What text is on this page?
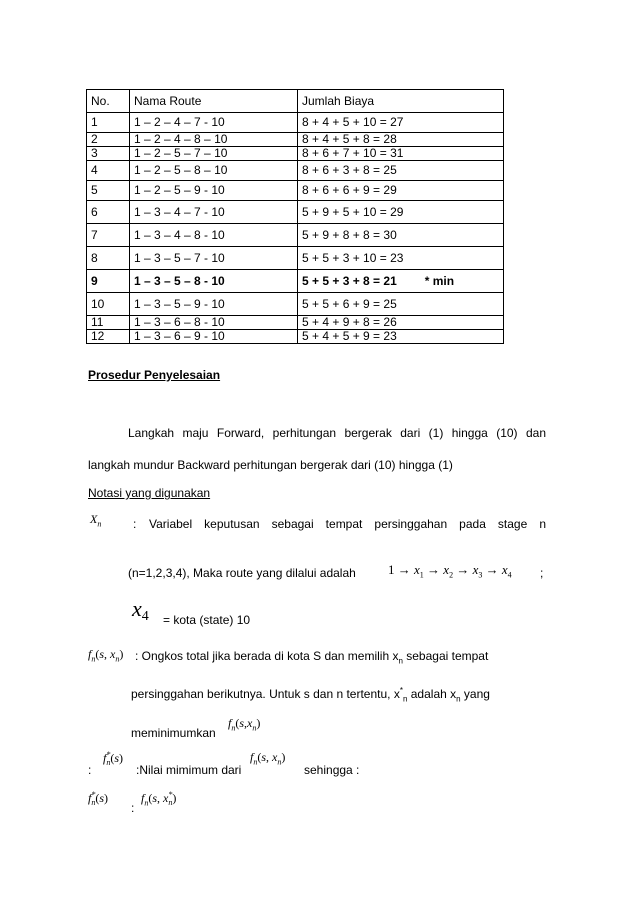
No.	Nama Route	Jumlah Biaya
1	1 – 2 – 4 – 7 - 10	8 + 4 + 5 + 10 = 27
2	1 – 2 – 4 – 8 – 10	8 + 4 + 5 + 8 = 28
3	1 – 2 – 5 – 7 – 10	8 + 6 + 7 + 10 = 31
4	1 – 2 – 5 – 8 – 10	8 + 6 + 3 + 8 = 25
5	1 – 2 – 5 – 9 - 10	8 + 6 + 6 + 9 = 29
6	1 – 3 – 4 – 7 - 10	5 + 9 + 5 + 10 = 29
7	1 – 3 – 4 – 8 - 10	5 + 9 + 8 + 8 = 30
8	1 – 3 – 5 – 7 - 10	5 + 5 + 3 + 10 = 23
9	1 – 3 – 5 – 8 - 10	5 + 5 + 3 + 8 = 21 * min
10	1 – 3 – 5 – 9 - 10	5 + 5 + 6 + 9 = 25
11	1 – 3 – 6 – 8 - 10	5 + 4 + 9 + 8 = 26
12	1 – 3 – 6 – 9 - 10	5 + 4 + 5 + 9 = 23
Prosedur Penyelesaian
Langkah maju Forward, perhitungan bergerak dari (1) hingga (10) dan
langkah mundur Backward perhitungan bergerak dari (10) hingga (1)
Notasi yang digunakan
$X_n$	: Variabel keputusan sebagai tempat persinggahan pada stage n
(n=1,2,3,4), Maka route yang dilalui adalah $1 \to x_1 \to x_2 \to x_3 \to x_4$ ;
x4 = kota (state) 10
$f_n(s$, $x_n$) : Ongkos total jika berada di kota S dan memilih $x_n$ sebagai tempat
persinggahan berikutnya. Untuk s dan n tertentu, $x^*_n$ adalah $x_n$ yang
meminimumkan
$f_n(s,x_n)$
:
$f^*_n(s)$
:Nilai mimimum dari
$f_n(s$, $x_n$)
sehingga :
$f^*_n(s)$
:
$f_n(s$, $x^*_n$)
